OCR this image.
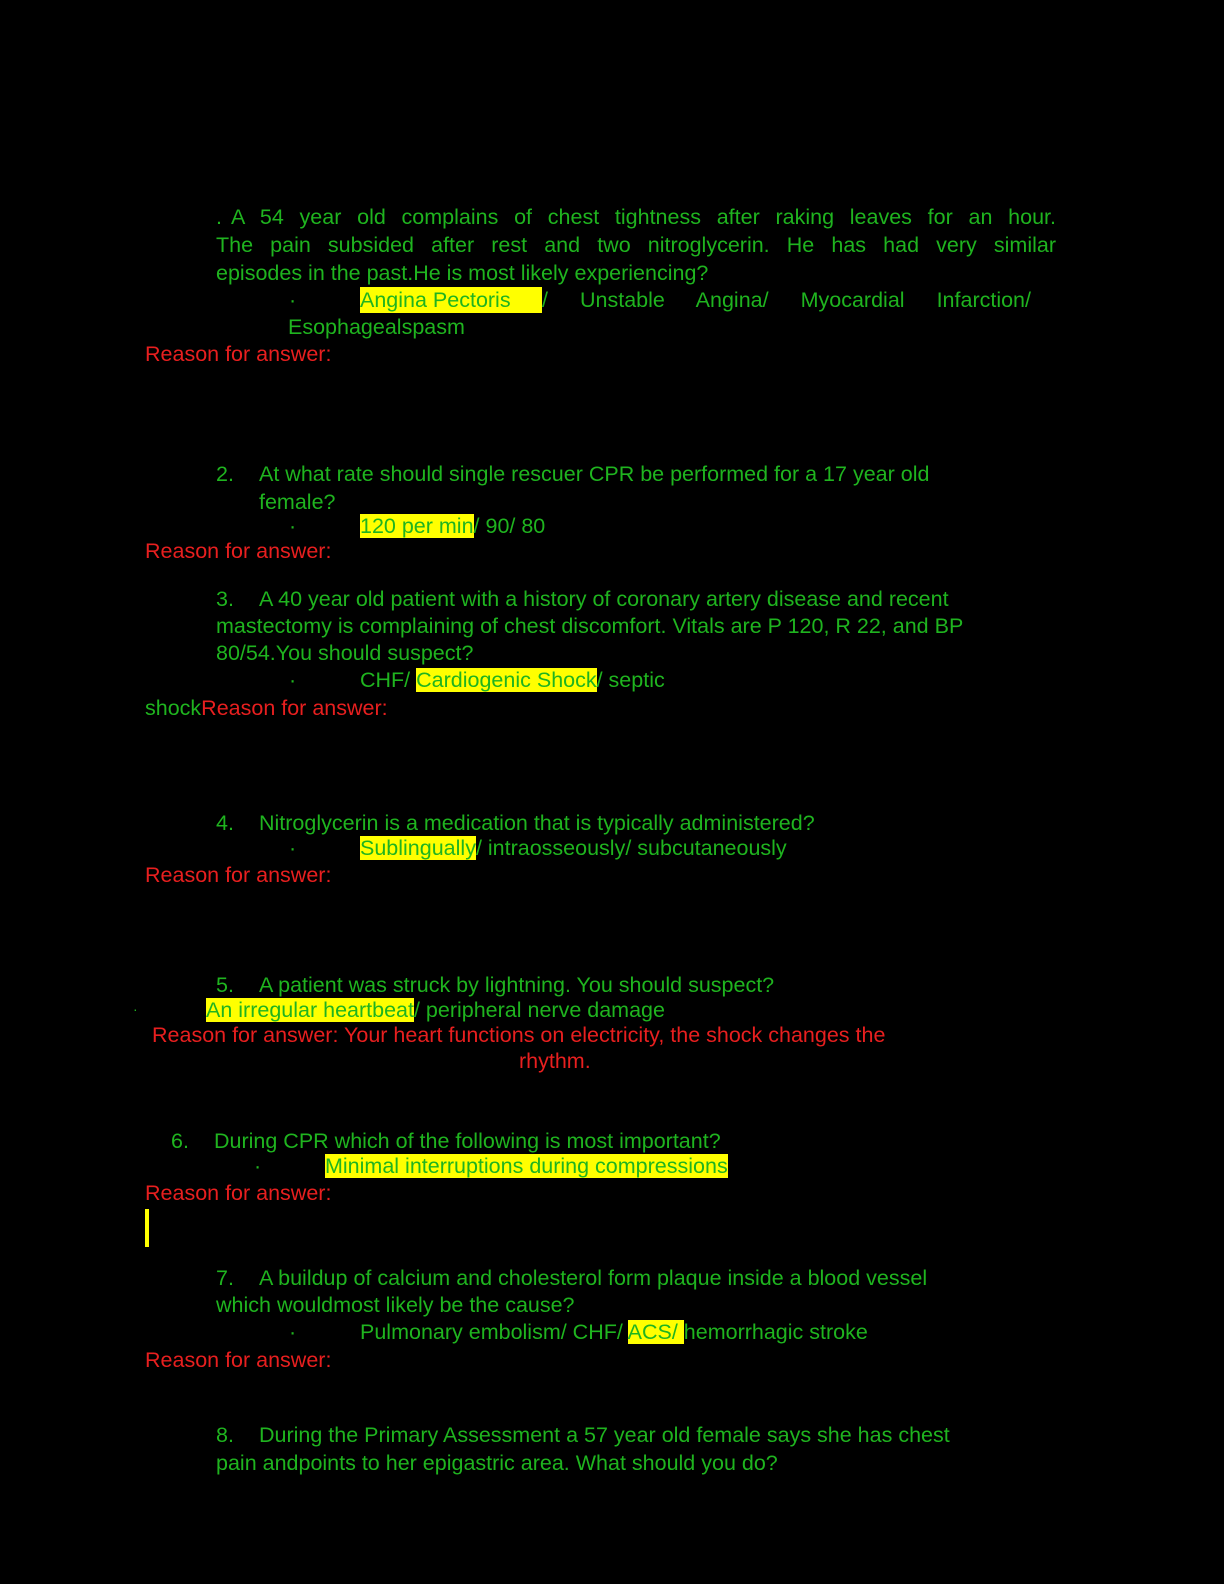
. A 54 year old complains of chest tightness after raking leaves for an hour.
The pain subsided after rest and two nitroglycerin. He has had very similar
episodes in the past.He is most likely experiencing?
·	Angina Pectoris / Unstable Angina/ Myocardial Infarction/
Esophagealspasm
Reason for answer:
2. At what rate should single rescuer CPR be performed for a 17 year old
female?
·	120 per min/ 90/ 80
Reason for answer:
3. A 40 year old patient with a history of coronary artery disease and recent
mastectomy is complaining of chest discomfort. Vitals are P 120, R 22, and BP
80/54.You should suspect?
·	CHF/ Cardiogenic Shock/ septic
shockReason for answer:
4. Nitroglycerin is a medication that is typically administered?
·	Sublingually/ intraosseously/ subcutaneously
Reason for answer:
5. A patient was struck by lightning. You should suspect?
·	An irregular heartbeat/ peripheral nerve damage
Reason for answer: Your heart functions on electricity, the shock changes the
rhythm.
6. During CPR which of the following is most important?
·	Minimal interruptions during compressions
Reason for answer:
7. A buildup of calcium and cholesterol form plaque inside a blood vessel
which wouldmost likely be the cause?
·	Pulmonary embolism/ CHF/ ACS/ hemorrhagic stroke
Reason for answer:
8. During the Primary Assessment a 57 year old female says she has chest
pain andpoints to her epigastric area. What should you do?
